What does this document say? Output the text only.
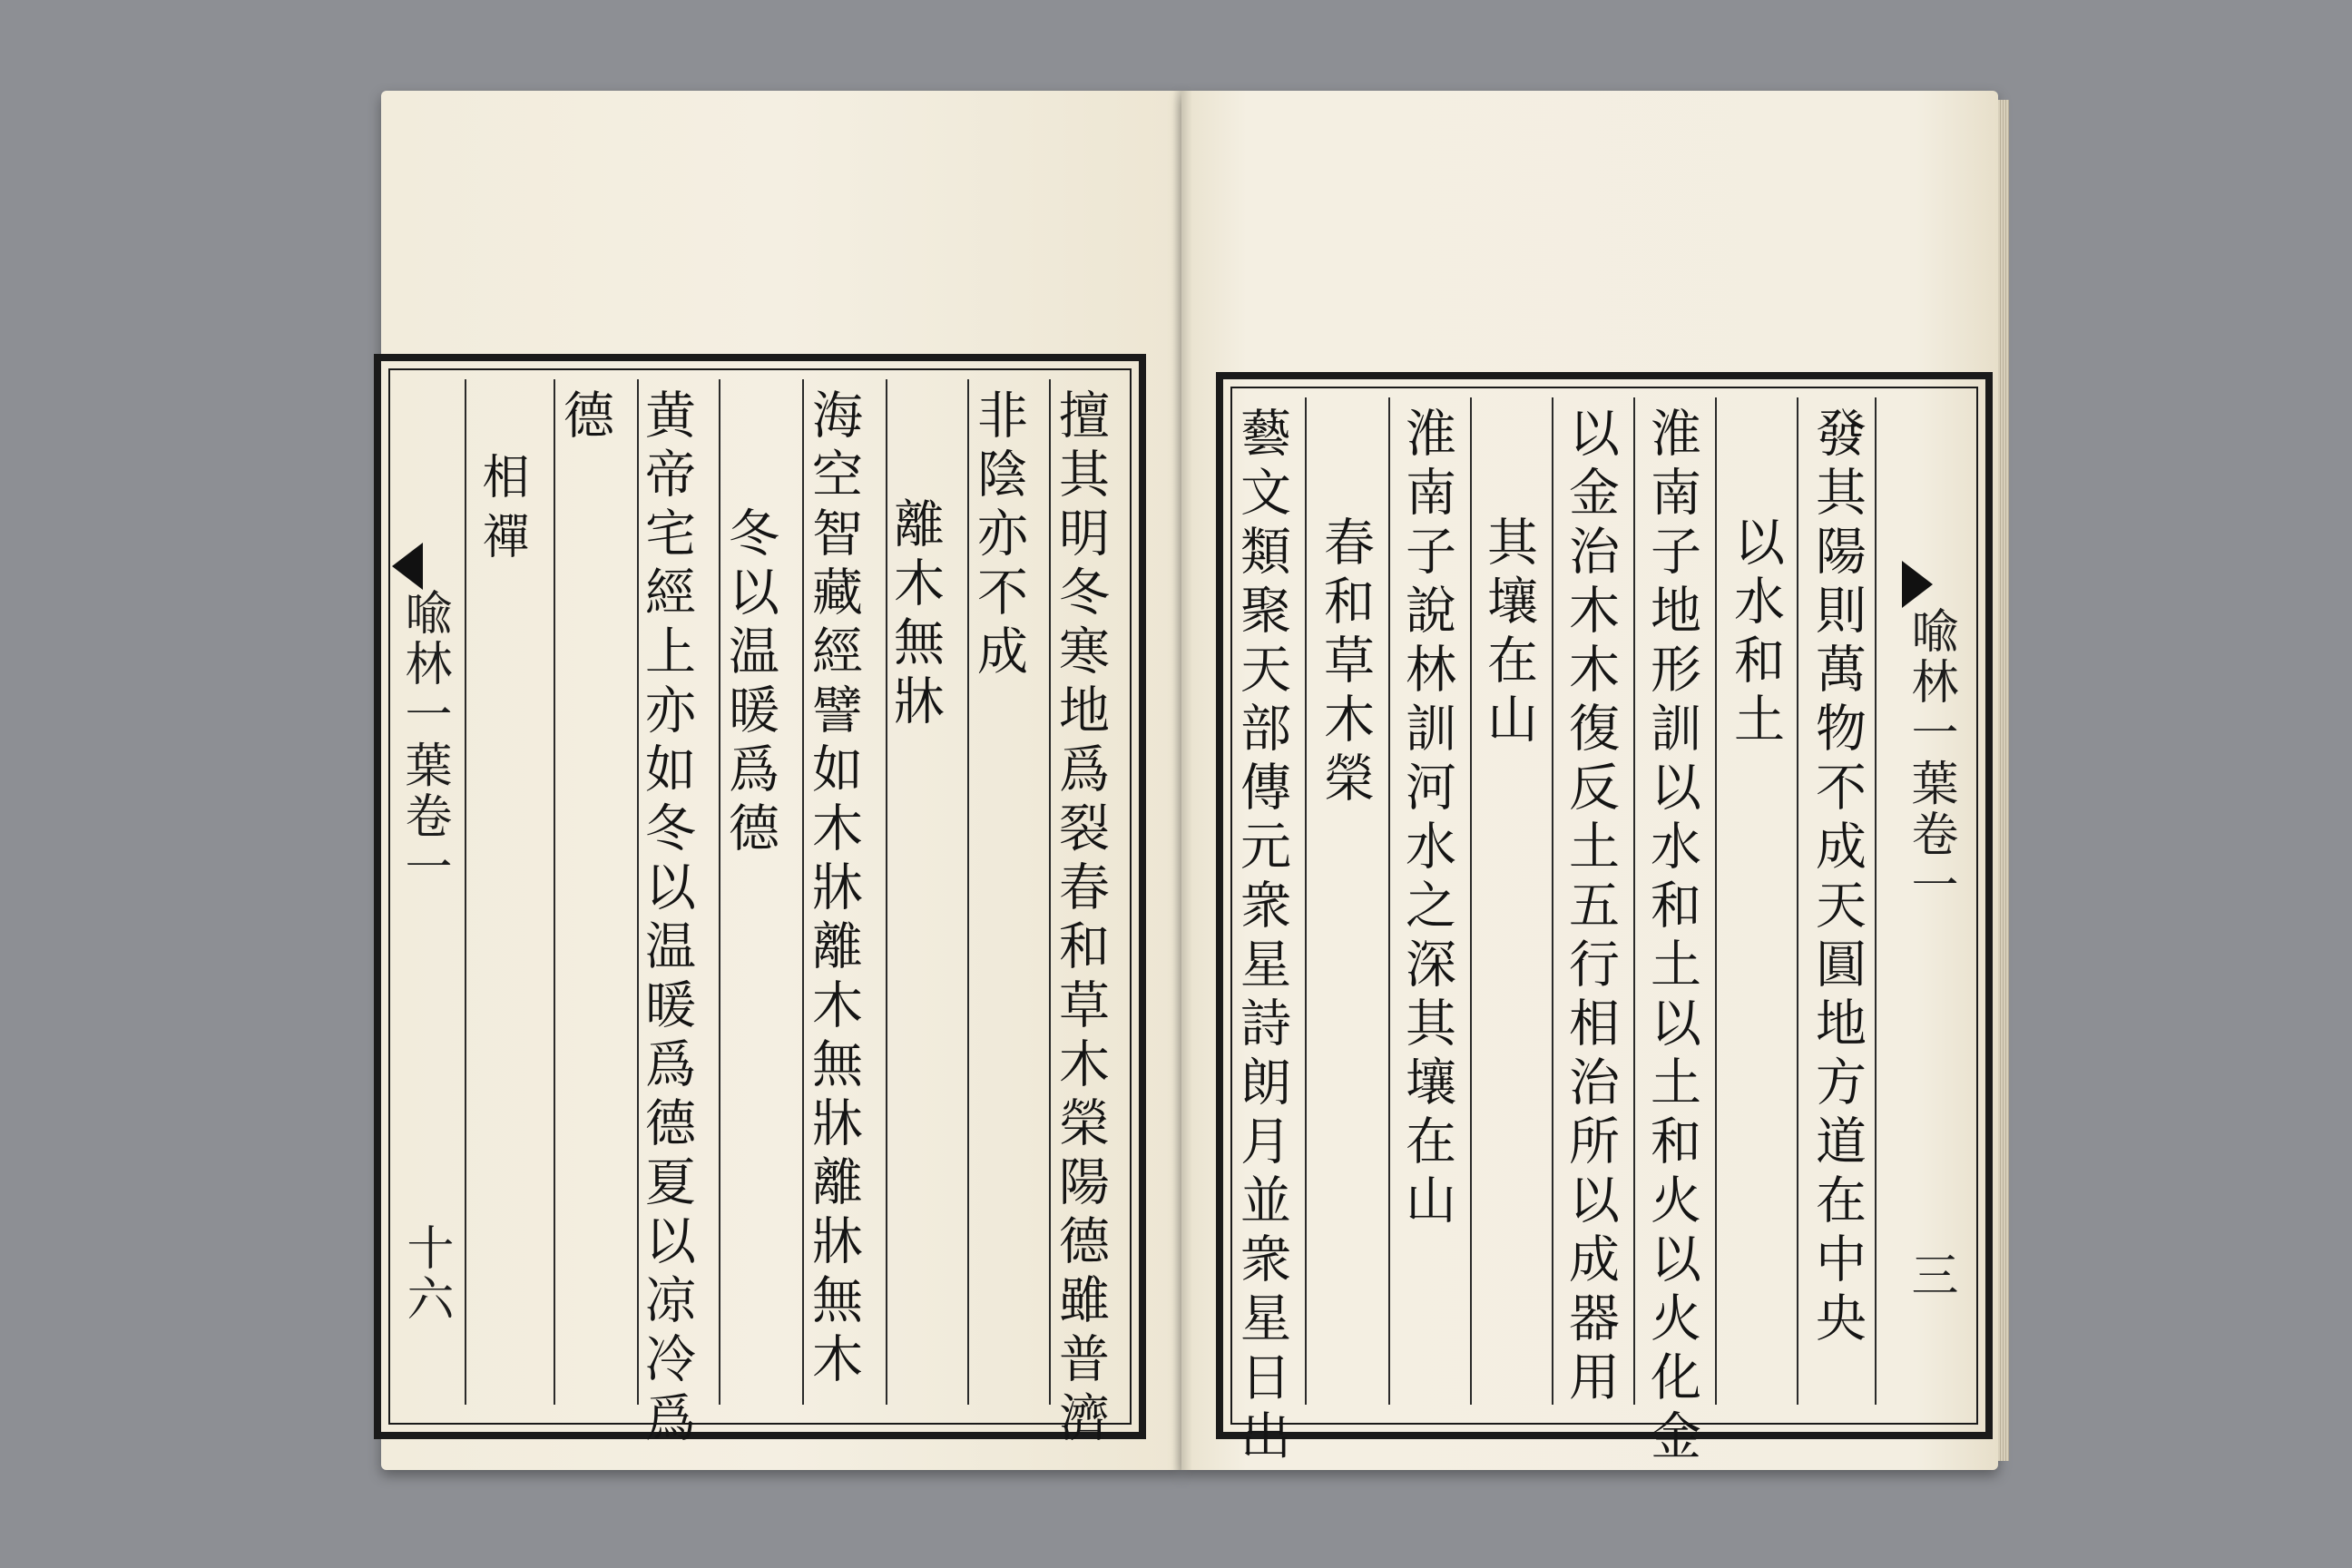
喩林一葉卷一
十六
相禪
德 黄帝宅經上亦如冬以温暖爲德夏以凉冷爲 冬以温暖爲德 海空智藏經譬如木牀離木無牀離牀無木 離木無牀 非陰亦不成 擅其明冬寒地爲裂春和草木榮陽德雖普濟 藝文類聚天部傳元衆星詩朗月並衆星日出 春和草木榮 淮南子說林訓河水之深其壤在山 其壤在山 以金治木木復反土五行相治所以成器用 淮南子地形訓以水和土以土和火以火化金 以水和土 發其陽則萬物不成天圓地方道在中央 喩林一葉卷一
三
